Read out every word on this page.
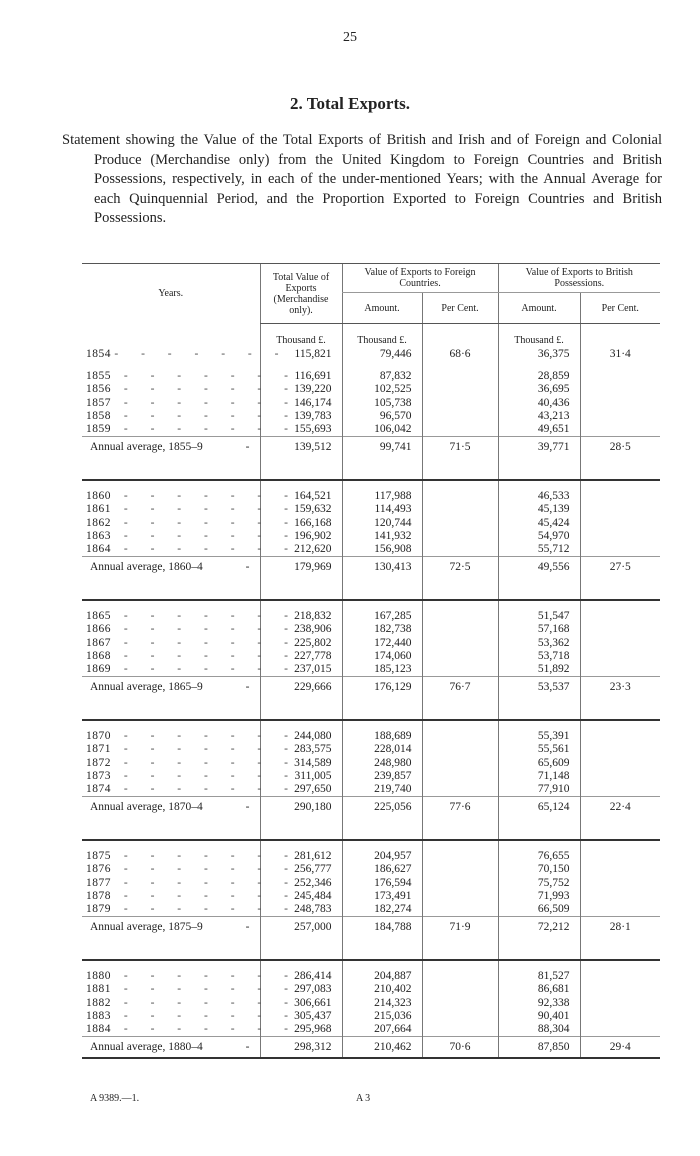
25
2. Total Exports.

Statement showing the Value of the Total Exports of British and Irish and of Foreign and Colonial Produce (Merchandise only) from the United Kingdom to Foreign Countries and British Possessions, respectively, in each of the under-mentioned Years; with the Annual Average for each Quinquennial Period, and the Proportion Exported to Foreign Countries and British Possessions.

Years.	Total Value of Exports (Merchandise only).	Value of Exports to Foreign Countries.		Value of Exports to British Possessions.	
		Amount.	Per Cent.	Amount.	Per Cent.
	Thousand £.	Thousand £.		Thousand £.	
1854 - - - - - - -	115,821	79,446	68·6	36,375	31·4

1855 - - - - - - -	116,691	87,832		28,859	
1856 - - - - - - -	139,220	102,525		36,695	
1857 - - - - - - -	146,174	105,738		40,436	
1858 - - - - - - -	139,783	96,570		43,213	
1859 - - - - - - -	155,693	106,042		49,651	
Annual average, 1855–9 -	139,512	99,741	71·5	39,771	28·5

1860 - - - - - - -	164,521	117,988		46,533	
1861 - - - - - - -	159,632	114,493		45,139	
1862 - - - - - - -	166,168	120,744		45,424	
1863 - - - - - - -	196,902	141,932		54,970	
1864 - - - - - - -	212,620	156,908		55,712	
Annual average, 1860–4 -	179,969	130,413	72·5	49,556	27·5

1865 - - - - - - -	218,832	167,285		51,547	
1866 - - - - - - -	238,906	182,738		57,168	
1867 - - - - - - -	225,802	172,440		53,362	
1868 - - - - - - -	227,778	174,060		53,718	
1869 - - - - - - -	237,015	185,123		51,892	
Annual average, 1865–9 -	229,666	176,129	76·7	53,537	23·3

1870 - - - - - - -	244,080	188,689		55,391	
1871 - - - - - - -	283,575	228,014		55,561	
1872 - - - - - - -	314,589	248,980		65,609	
1873 - - - - - - -	311,005	239,857		71,148	
1874 - - - - - - -	297,650	219,740		77,910	
Annual average, 1870–4 -	290,180	225,056	77·6	65,124	22·4

1875 - - - - - - -	281,612	204,957		76,655	
1876 - - - - - - -	256,777	186,627		70,150	
1877 - - - - - - -	252,346	176,594		75,752	
1878 - - - - - - -	245,484	173,491		71,993	
1879 - - - - - - -	248,783	182,274		66,509	
Annual average, 1875–9 -	257,000	184,788	71·9	72,212	28·1

1880 - - - - - - -	286,414	204,887		81,527	
1881 - - - - - - -	297,083	210,402		86,681	
1882 - - - - - - -	306,661	214,323		92,338	
1883 - - - - - - -	305,437	215,036		90,401	
1884 - - - - - - -	295,968	207,664		88,304	
Annual average, 1880–4 -	298,312	210,462	70·6	87,850	29·4
A 9389.—1.	A 3
